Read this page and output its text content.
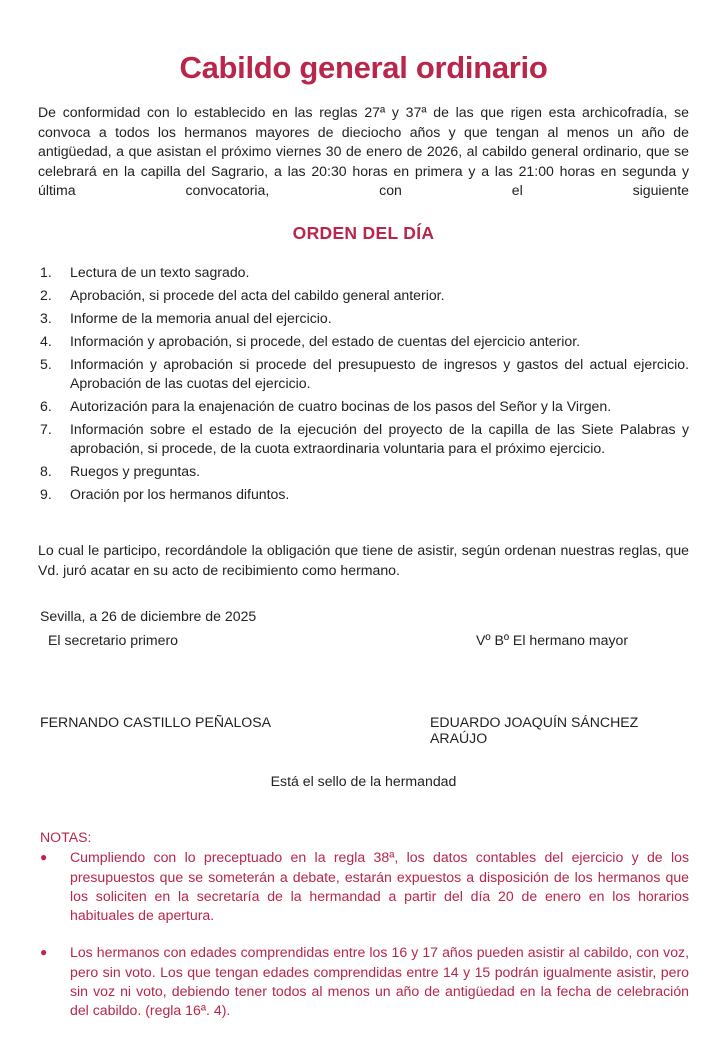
Cabildo general ordinario
De conformidad con lo establecido en las reglas 27ª y 37ª de las que rigen esta archicofradía, se convoca a todos los hermanos mayores de dieciocho años y que tengan al menos un año de antigüedad, a que asistan el próximo viernes 30 de enero de 2026, al cabildo general ordinario, que se celebrará en la capilla del Sagrario, a las 20:30 horas en primera y a las 21:00 horas en segunda y última convocatoria, con el siguiente
ORDEN DEL DÍA
1.	Lectura de un texto sagrado.
2.	Aprobación, si procede del acta del cabildo general anterior.
3.	Informe de la memoria anual del ejercicio.
4.	Información y aprobación, si procede, del estado de cuentas del ejercicio anterior.
5.	Información y aprobación si procede del presupuesto de ingresos y gastos del actual ejercicio. Aprobación de las cuotas del ejercicio.
6.	Autorización para la enajenación de cuatro bocinas de los pasos del Señor y la Virgen.
7.	Información sobre el estado de la ejecución del proyecto de la capilla de las Siete Palabras y aprobación, si procede, de la cuota extraordinaria voluntaria para el próximo ejercicio.
8.	Ruegos y preguntas.
9.	Oración por los hermanos difuntos.
Lo cual le participo, recordándole la obligación que tiene de asistir, según ordenan nuestras reglas, que Vd. juró acatar en su acto de recibimiento como hermano.
Sevilla, a 26 de diciembre de 2025
El secretario primero	Vº Bº El hermano mayor
FERNANDO CASTILLO PEÑALOSA	EDUARDO JOAQUÍN SÁNCHEZ ARAÚJO
Está el sello de la hermandad
NOTAS:
●	Cumpliendo con lo preceptuado en la regla 38ª, los datos contables del ejercicio y de los presupuestos que se someterán a debate, estarán expuestos a disposición de los hermanos que los soliciten en la secretaría de la hermandad a partir del día 20 de enero en los horarios habituales de apertura.
●	Los hermanos con edades comprendidas entre los 16 y 17 años pueden asistir al cabildo, con voz, pero sin voto. Los que tengan edades comprendidas entre 14 y 15 podrán igualmente asistir, pero sin voz ni voto, debiendo tener todos al menos un año de antigüedad en la fecha de celebración del cabildo. (regla 16ª. 4).
